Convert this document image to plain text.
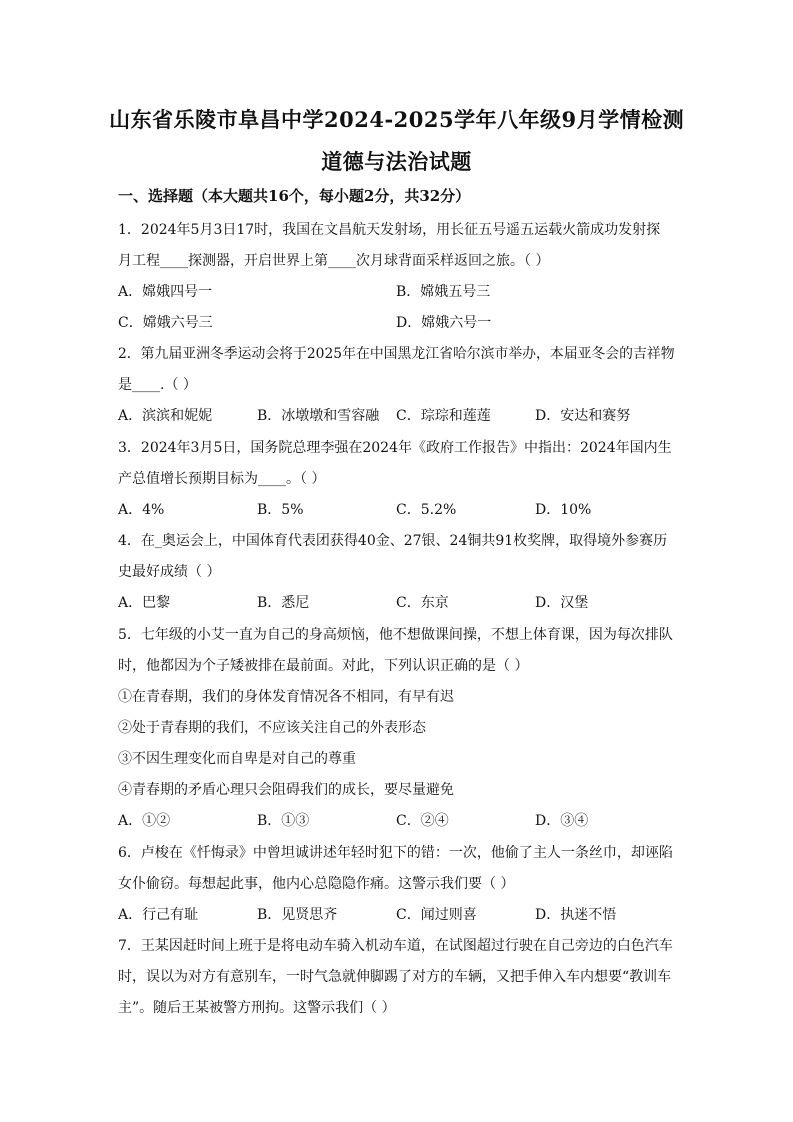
山东省乐陵市阜昌中学2024-2025学年八年级9月学情检测
道德与法治试题
一、选择题（本大题共16个，每小题2分，共32分）
1．2024年5月3日17时，我国在文昌航天发射场，用长征五号遥五运载火箭成功发射探
月工程____探测器，开启世界上第____次月球背面采样返回之旅。（ ）
A．嫦娥四号一	B．嫦娥五号三
C．嫦娥六号三	D．嫦娥六号一
2．第九届亚洲冬季运动会将于2025年在中国黑龙江省哈尔滨市举办，本届亚冬会的吉祥物
是____.（ ）
A．滨滨和妮妮	B．冰墩墩和雪容融 C．琮琮和莲莲	D．安达和赛努
3．2024年3月5日，国务院总理李强在2024年《政府工作报告》中指出：2024年国内生
产总值增长预期目标为____。（ ）
A．4%	B．5%	C．5.2%	D．10%
4．在_奥运会上，中国体育代表团获得40金、27银、24铜共91枚奖牌，取得境外参赛历
史最好成绩（ ）
A．巴黎	B．悉尼	C．东京	D．汉堡
5．七年级的小艾一直为自己的身高烦恼，他不想做课间操，不想上体育课，因为每次排队
时，他都因为个子矮被排在最前面。对此，下列认识正确的是（ ）
①在青春期，我们的身体发育情况各不相同，有早有迟
②处于青春期的我们，不应该关注自己的外表形态
③不因生理变化而自卑是对自己的尊重
④青春期的矛盾心理只会阻碍我们的成长，要尽量避免
A．①②	B．①③	C．②④	D．③④
6．卢梭在《忏悔录》中曾坦诚讲述年轻时犯下的错：一次，他偷了主人一条丝巾，却诬陷
女仆偷窃。每想起此事，他内心总隐隐作痛。这警示我们要（ ）
A．行己有耻	B．见贤思齐	C．闻过则喜	D．执迷不悟
7．王某因赶时间上班于是将电动车骑入机动车道，在试图超过行驶在自己旁边的白色汽车
时，误以为对方有意别车，一时气急就伸脚踢了对方的车辆，又把手伸入车内想要“教训车
主”。随后王某被警方刑拘。这警示我们（ ）
